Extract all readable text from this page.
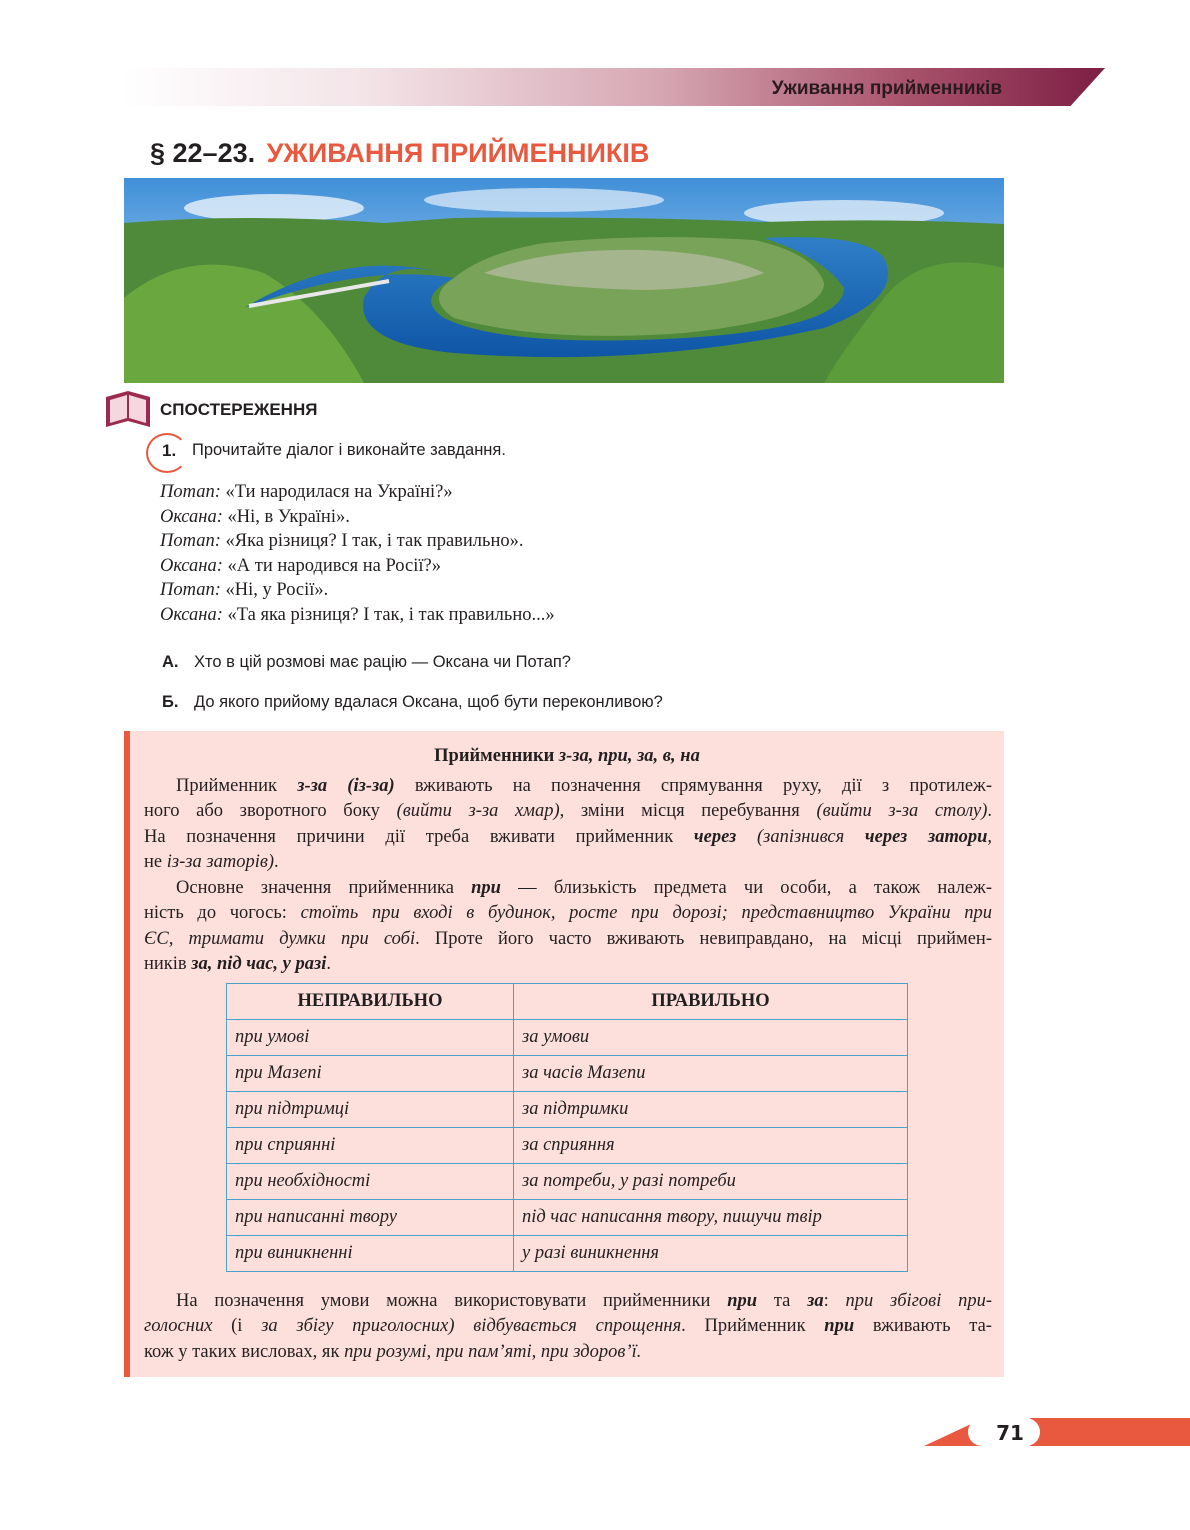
Уживання прийменників
§ 22–23. УЖИВАННЯ ПРИЙМЕННИКІВ
СПОСТЕРЕЖЕННЯ
1. Прочитайте діалог і виконайте завдання.
Потап: «Ти народилася на Україні?»
Оксана: «Ні, в Україні».
Потап: «Яка різниця? І так, і так правильно».
Оксана: «А ти народився на Росії?»
Потап: «Ні, у Росії».
Оксана: «Та яка різниця? І так, і так правильно...»
А. Хто в цій розмові має рацію — Оксана чи Потап?
Б. До якого прийому вдалася Оксана, щоб бути переконливою?
Прийменники з-за, при, за, в, на
Прийменник з-за (із-за) вживають на позначення спрямування руху, дії з протилеж-
ного або зворотного боку (вийти з-за хмар), зміни місця перебування (вийти з-за столу).
На позначення причини дії треба вживати прийменник через (запізнився через затори,
не із-за заторів).
Основне значення прийменника при — близькість предмета чи особи, а також належ-
ність до чогось: стоїть при вході в будинок, росте при дорозі; представництво України при
ЄС, тримати думки при собі. Проте його часто вживають невиправдано, на місці приймен-
ників за, під час, у разі.
НЕПРАВИЛЬНО	ПРАВИЛЬНО
при умові	за умови
при Мазепі	за часів Мазепи
при підтримці	за підтримки
при сприянні	за сприяння
при необхідності	за потреби, у разі потреби
при написанні твору	під час написання твору, пишучи твір
при виникненні	у разі виникнення
На позначення умови можна використовувати прийменники при та за: при збігові при-
голосних (і за збігу приголосних) відбувається спрощення. Прийменник при вживають та-
кож у таких висловах, як при розумі, при пам’яті, при здоров’ї.
71
